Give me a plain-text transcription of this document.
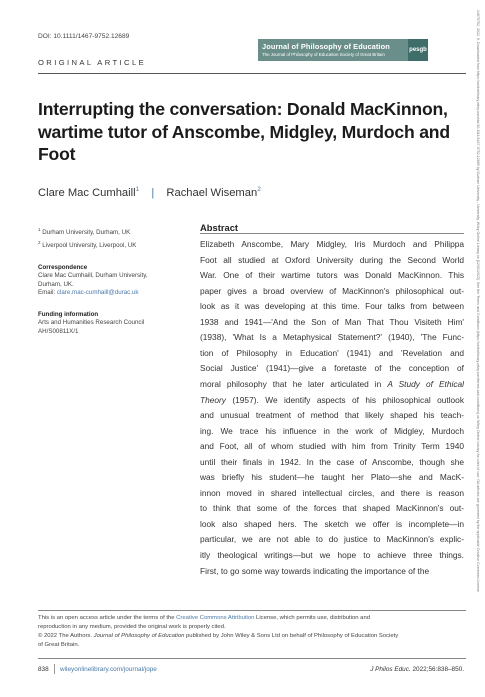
DOI: 10.1111/1467-9752.12689
Journal of Philosophy of Education
The Journal of Philosophy of Education Society of Great Britain
pesgb
ORIGINAL ARTICLE
Interrupting the conversation: Donald MacKinnon, wartime tutor of Anscombe, Midgley, Murdoch and Foot
Clare Mac Cumhaill$^1$ | Rachael Wiseman$^2$
$^1$ Durham University, Durham, UK
$^2$ Liverpool University, Liverpool, UK
Correspondence
Clare Mac Cumhaill, Durham University,
Durham, UK.
Email: clare.mac-cumhaill@durac.uk
Funding information
Arts and Humanities Research Council
AH/S00811X/1
Abstract
Elizabeth Anscombe, Mary Midgley, Iris Murdoch and Philippa
Foot all studied at Oxford University during the Second World
War. One of their wartime tutors was Donald MacKinnon. This
paper gives a broad overview of MacKinnon's philosophical out-
look as it was developing at this time. Four talks from between
1938 and 1941—'And the Son of Man That Thou Visiteth Him'
(1938), 'What Is a Metaphysical Statement?' (1940), 'The Func-
tion of Philosophy in Education' (1941) and 'Revelation and
Social Justice' (1941)—give a foretaste of the conception of
moral philosophy that he later articulated in A Study of Ethical
Theory (1957). We identify aspects of his philosophical outlook
and unusual treatment of method that likely shaped his teach-
ing. We trace his influence in the work of Midgley, Murdoch
and Foot, all of whom studied with him from Trinity Term 1940
until their finals in 1942. In the case of Anscombe, though she
was briefly his student—he taught her Plato—she and MacK-
innon moved in shared intellectual circles, and there is reason
to think that some of the forces that shaped MacKinnon's out-
look also shaped hers. The sketch we offer is incomplete—in
particular, we are not able to do justice to MacKinnon's explic-
itly theological writings—but we hope to achieve three things.
First, to go some way towards indicating the importance of the
This is an open access article under the terms of the Creative Commons Attribution License, which permits use, distribution and
reproduction in any medium, provided the original work is properly cited.
© 2022 The Authors. Journal of Philosophy of Education published by John Wiley & Sons Ltd on behalf of Philosophy of Education Society
of Great Britain.
838 wileyonlinelibrary.com/journal/jope	J Philos Educ. 2022;56:838–850.
14679752, 2022, 6, Downloaded from https://onlinelibrary.wiley.com/doi/10.1111/1467-9752.12689 by Durham University - University, Wiley Online Library on [12/01/2023]. See the Terms and Conditions (https://onlinelibrary.wiley.com/terms-and-conditions) on Wiley Online Library for rules of use; OA articles are governed by the applicable Creative Commons License
